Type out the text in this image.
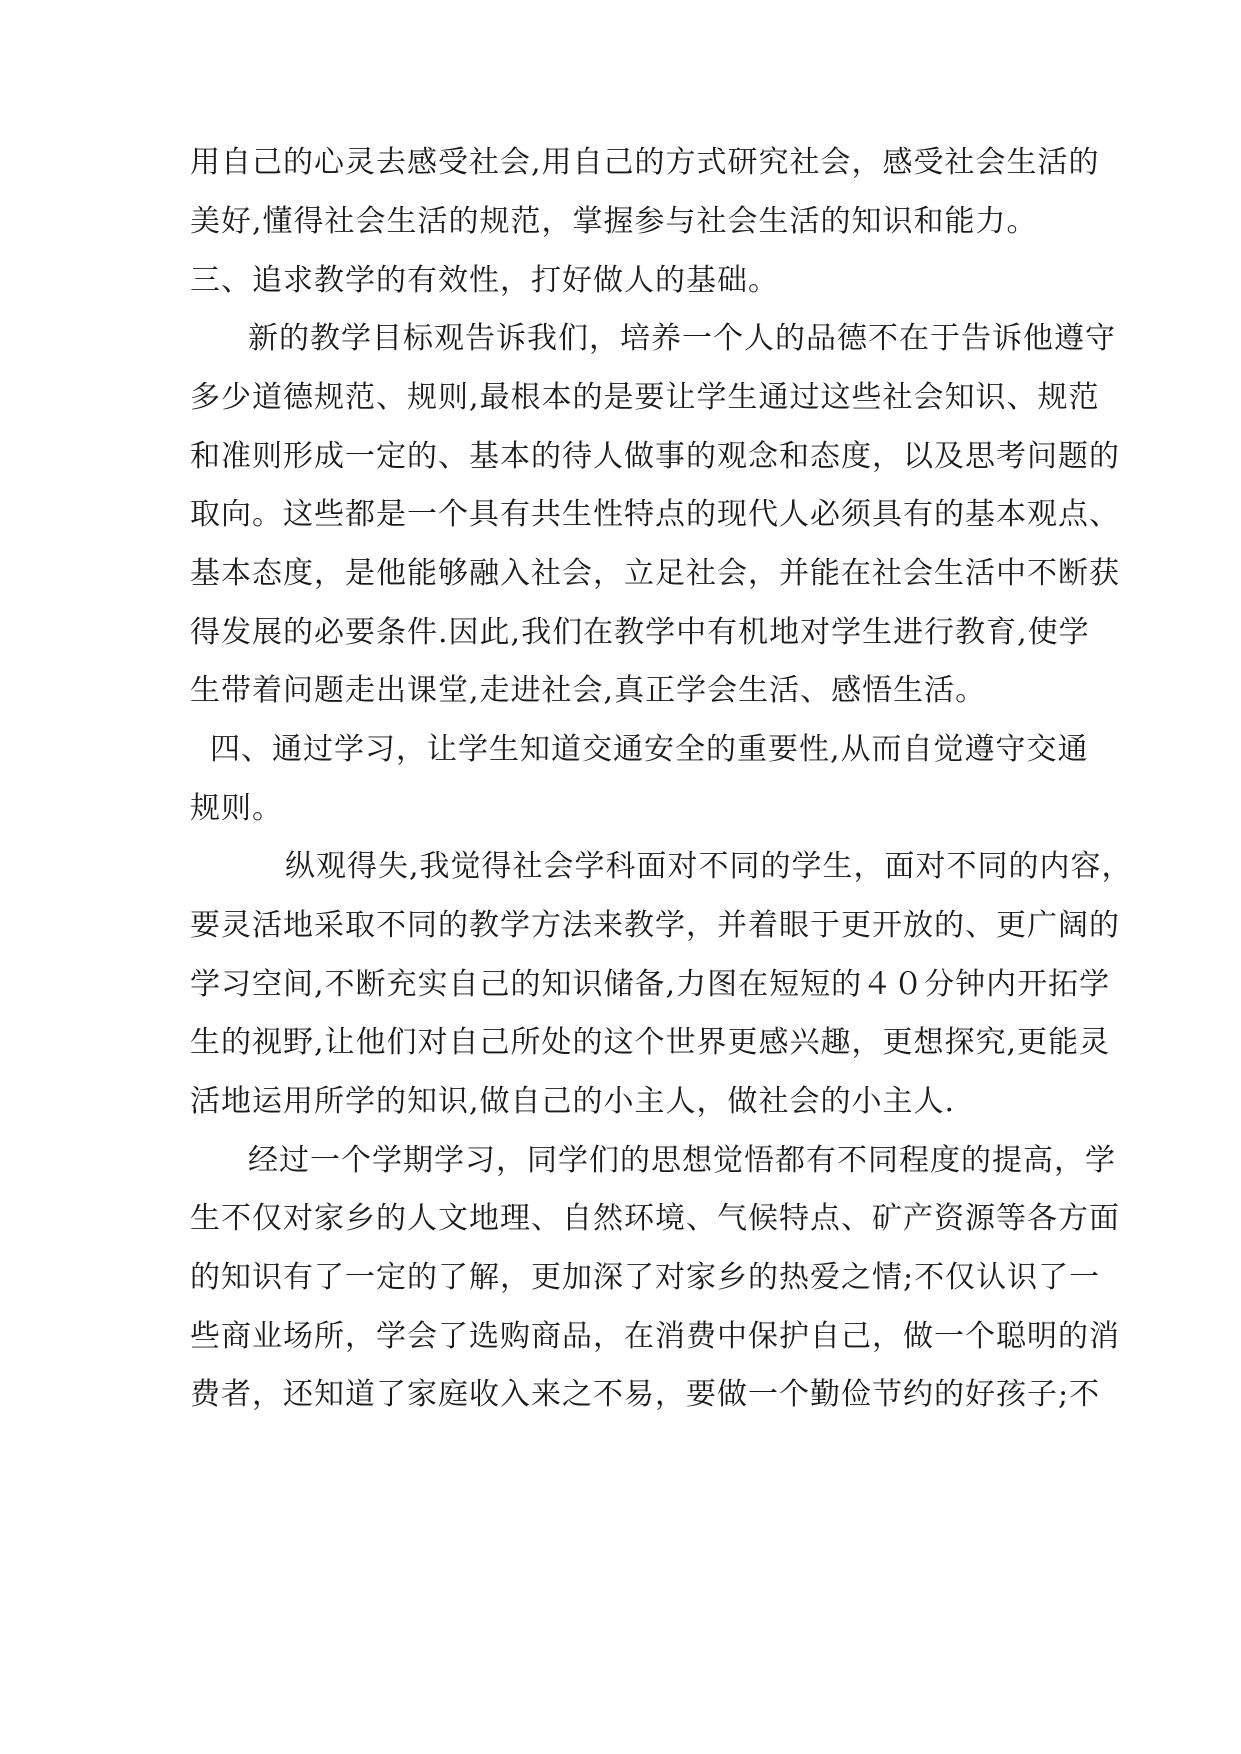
用自己的心灵去感受社会,用自己的方式研究社会，感受社会生活的
美好,懂得社会生活的规范，掌握参与社会生活的知识和能力。
三、追求教学的有效性，打好做人的基础。
新的教学目标观告诉我们，培养一个人的品德不在于告诉他遵守
多少道德规范、规则,最根本的是要让学生通过这些社会知识、规范
和准则形成一定的、基本的待人做事的观念和态度，以及思考问题的
取向。这些都是一个具有共生性特点的现代人必须具有的基本观点、
基本态度，是他能够融入社会，立足社会，并能在社会生活中不断获
得发展的必要条件.因此,我们在教学中有机地对学生进行教育,使学
生带着问题走出课堂,走进社会,真正学会生活、感悟生活。
四、通过学习，让学生知道交通安全的重要性,从而自觉遵守交通
规则。
纵观得失,我觉得社会学科面对不同的学生，面对不同的内容，
要灵活地采取不同的教学方法来教学，并着眼于更开放的、更广阔的
学习空间,不断充实自己的知识储备,力图在短短的４０分钟内开拓学
生的视野,让他们对自己所处的这个世界更感兴趣，更想探究,更能灵
活地运用所学的知识,做自己的小主人，做社会的小主人.
经过一个学期学习，同学们的思想觉悟都有不同程度的提高，学
生不仅对家乡的人文地理、自然环境、气候特点、矿产资源等各方面
的知识有了一定的了解，更加深了对家乡的热爱之情;不仅认识了一
些商业场所，学会了选购商品，在消费中保护自己，做一个聪明的消
费者，还知道了家庭收入来之不易，要做一个勤俭节约的好孩子;不
